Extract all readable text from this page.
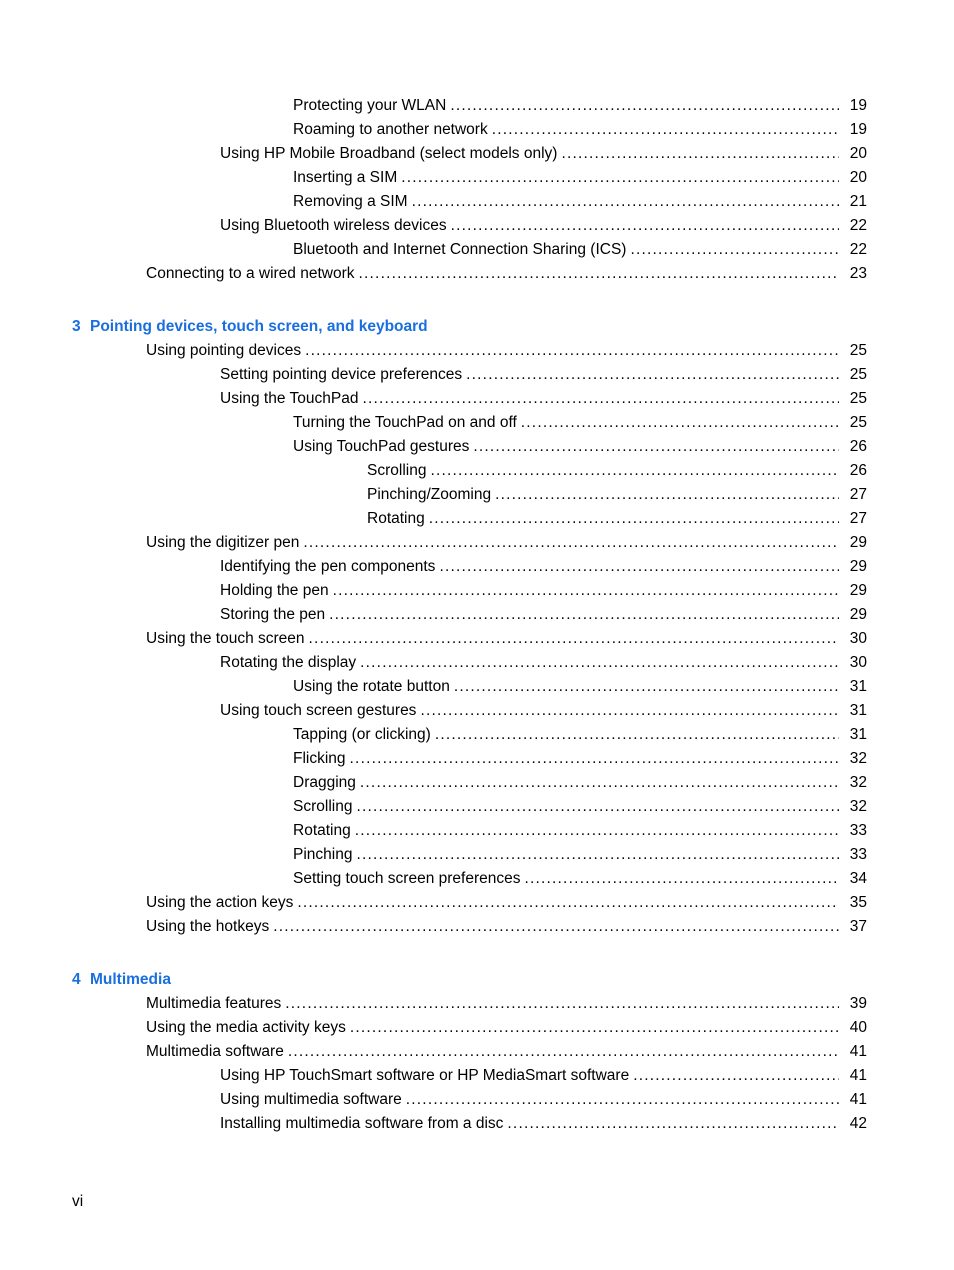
Protecting your WLAN . . .	19
Roaming to another network . . .	19
Using HP Mobile Broadband (select models only) . . .	20
Inserting a SIM . . .	20
Removing a SIM . . .	21
Using Bluetooth wireless devices . . .	22
Bluetooth and Internet Connection Sharing (ICS) . . .	22
Connecting to a wired network . . .	23
3 Pointing devices, touch screen, and keyboard
Using pointing devices . . .	25
Setting pointing device preferences . . .	25
Using the TouchPad . . .	25
Turning the TouchPad on and off . . .	25
Using TouchPad gestures . . .	26
Scrolling . . .	26
Pinching/Zooming . . .	27
Rotating . . .	27
Using the digitizer pen . . .	29
Identifying the pen components . . .	29
Holding the pen . . .	29
Storing the pen . . .	29
Using the touch screen . . .	30
Rotating the display . . .	30
Using the rotate button . . .	31
Using touch screen gestures . . .	31
Tapping (or clicking) . . .	31
Flicking . . .	32
Dragging . . .	32
Scrolling . . .	32
Rotating . . .	33
Pinching . . .	33
Setting touch screen preferences . . .	34
Using the action keys . . .	35
Using the hotkeys . . .	37
4 Multimedia
Multimedia features . . .	39
Using the media activity keys . . .	40
Multimedia software . . .	41
Using HP TouchSmart software or HP MediaSmart software . . .	41
Using multimedia software . . .	41
Installing multimedia software from a disc . . .	42
vi
